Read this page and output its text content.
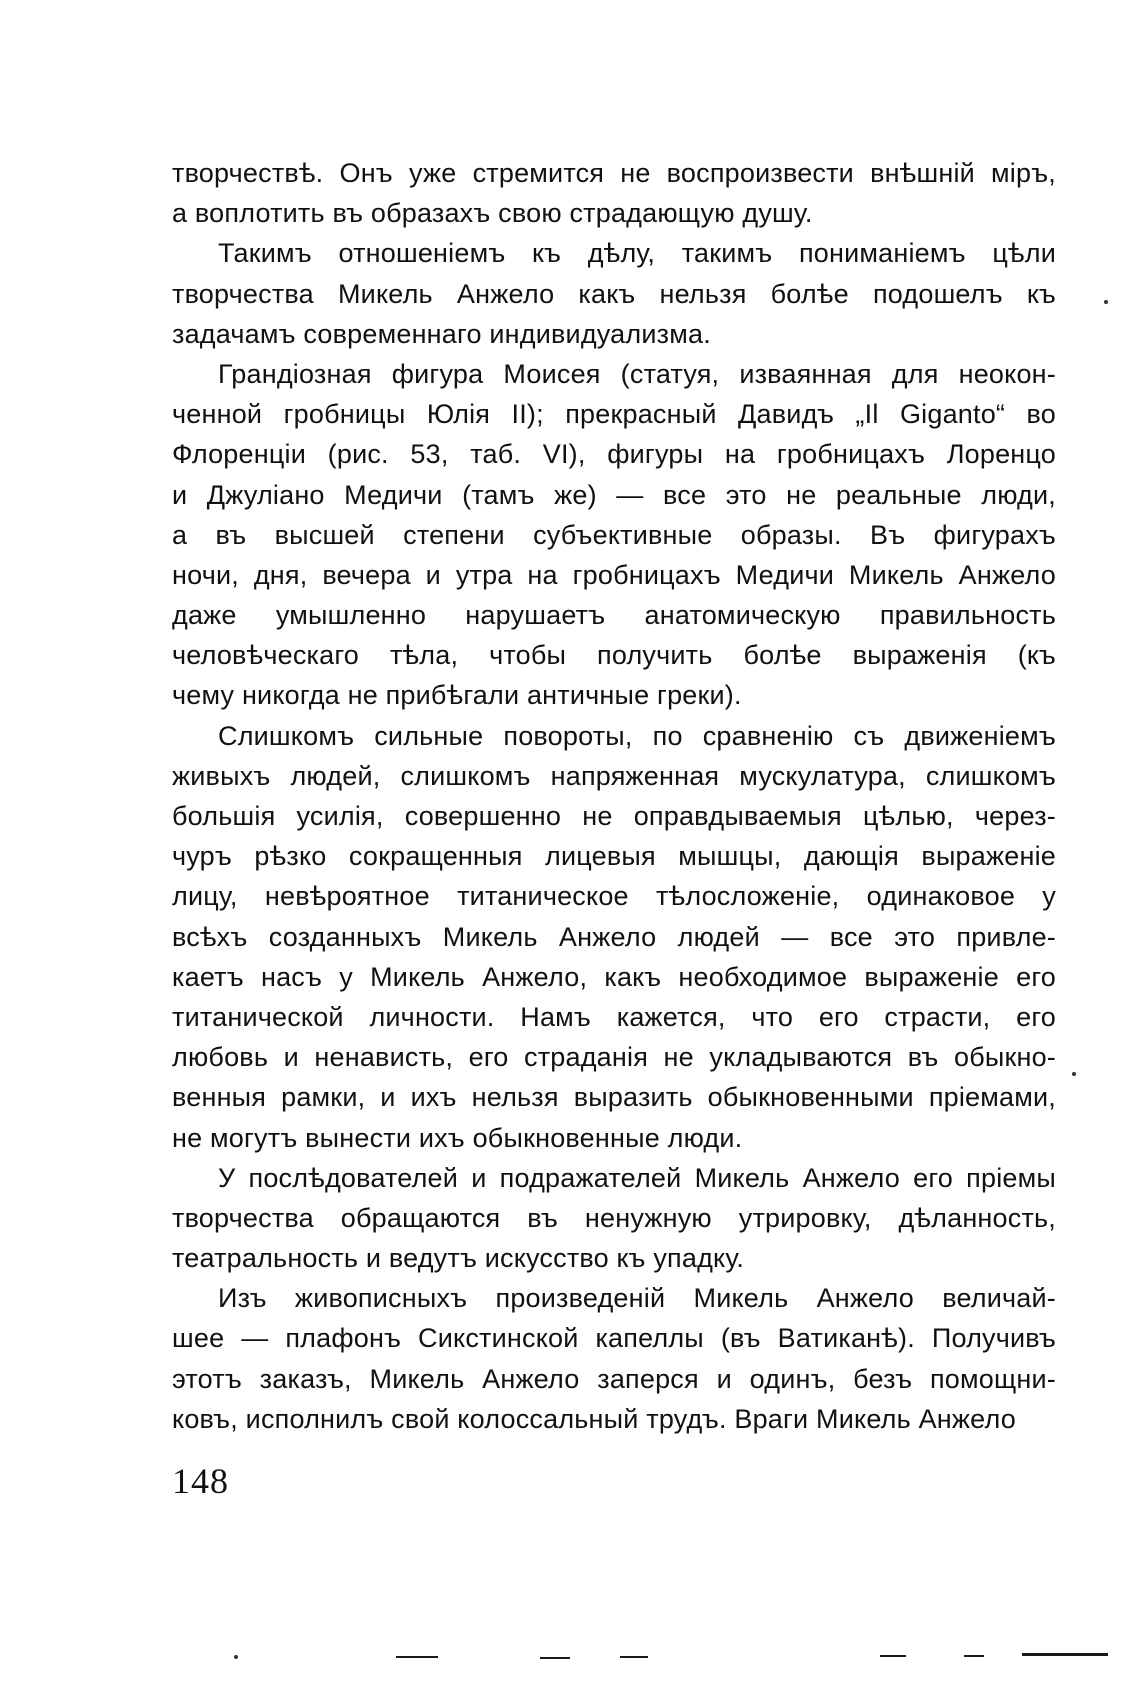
творчествѣ. Онъ уже стремится не воспроизвести внѣшній міръ,
а воплотить въ образахъ свою страдающую душу.
Такимъ отношеніемъ къ дѣлу, такимъ пониманіемъ цѣли
творчества Микель Анжело какъ нельзя болѣе подошелъ къ
задачамъ современнаго индивидуализма.
Грандіозная фигура Моисея (статуя, изваянная для неокон-
ченной гробницы Юлія II); прекрасный Давидъ „Il Giganto“ во
Флоренціи (рис. 53, таб. VI), фигуры на гробницахъ Лоренцо
и Джуліано Медичи (тамъ же) — все это не реальные люди,
а въ высшей степени субъективные образы. Въ фигурахъ
ночи, дня, вечера и утра на гробницахъ Медичи Микель Анжело
даже умышленно нарушаетъ анатомическую правильность
человѣческаго тѣла, чтобы получить болѣе выраженія (къ
чему никогда не прибѣгали античные греки).
Слишкомъ сильные повороты, по сравненію съ движеніемъ
живыхъ людей, слишкомъ напряженная мускулатура, слишкомъ
большія усилія, совершенно не оправдываемыя цѣлью, через-
чуръ рѣзко сокращенныя лицевыя мышцы, дающія выраженіе
лицу, невѣроятное титаническое тѣлосложеніе, одинаковое у
всѣхъ созданныхъ Микель Анжело людей — все это привле-
каетъ насъ у Микель Анжело, какъ необходимое выраженіе его
титанической личности. Намъ кажется, что его страсти, его
любовь и ненависть, его страданія не укладываются въ обыкно-
венныя рамки, и ихъ нельзя выразить обыкновенными пріемами,
не могутъ вынести ихъ обыкновенные люди.
У послѣдователей и подражателей Микель Анжело его пріемы
творчества обращаются въ ненужную утрировку, дѣланность,
театральность и ведутъ искусство къ упадку.
Изъ живописныхъ произведеній Микель Анжело величай-
шее — плафонъ Сикстинской капеллы (въ Ватиканѣ). Получивъ
этотъ заказъ, Микель Анжело заперся и одинъ, безъ помощни-
ковъ, исполнилъ свой колоссальный трудъ. Враги Микель Анжело
148
